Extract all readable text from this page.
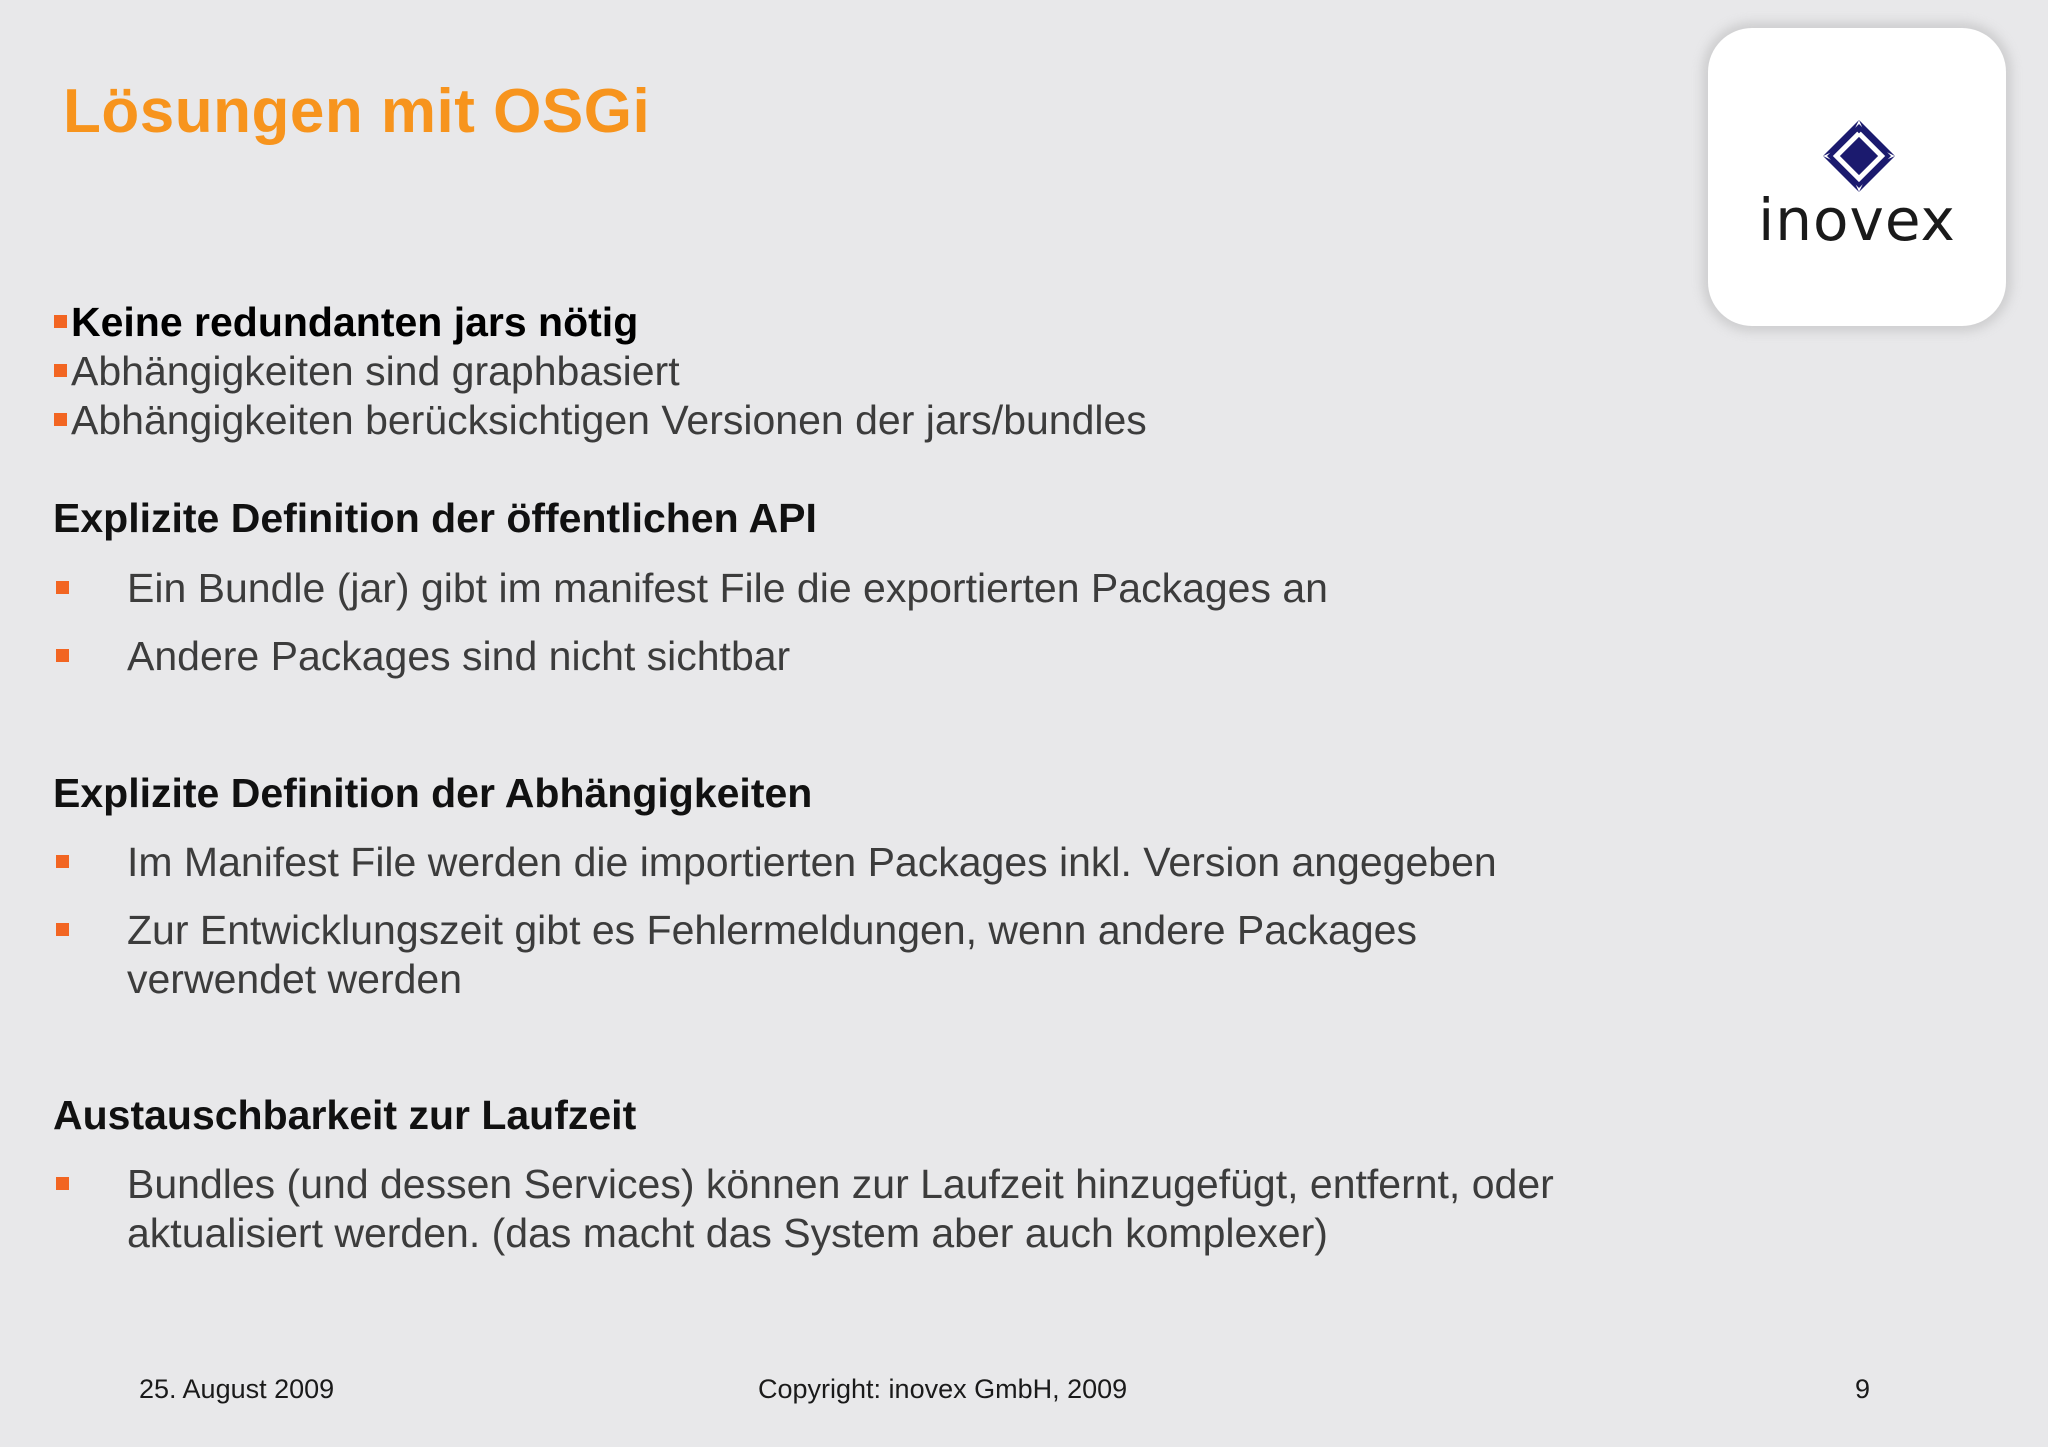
Lösungen mit OSGi
inovex
Keine redundanten jars nötig
Abhängigkeiten sind graphbasiert
Abhängigkeiten berücksichtigen Versionen der jars/bundles
Explizite Definition der öffentlichen API
Ein Bundle (jar) gibt im manifest File die exportierten Packages an
Andere Packages sind nicht sichtbar
Explizite Definition der Abhängigkeiten
Im Manifest File werden die importierten Packages inkl. Version angegeben
Zur Entwicklungszeit gibt es Fehlermeldungen, wenn andere Packages
verwendet werden
Austauschbarkeit zur Laufzeit
Bundles (und dessen Services) können zur Laufzeit hinzugefügt, entfernt, oder
aktualisiert werden. (das macht das System aber auch komplexer)
25. August 2009	Copyright: inovex GmbH, 2009	9
